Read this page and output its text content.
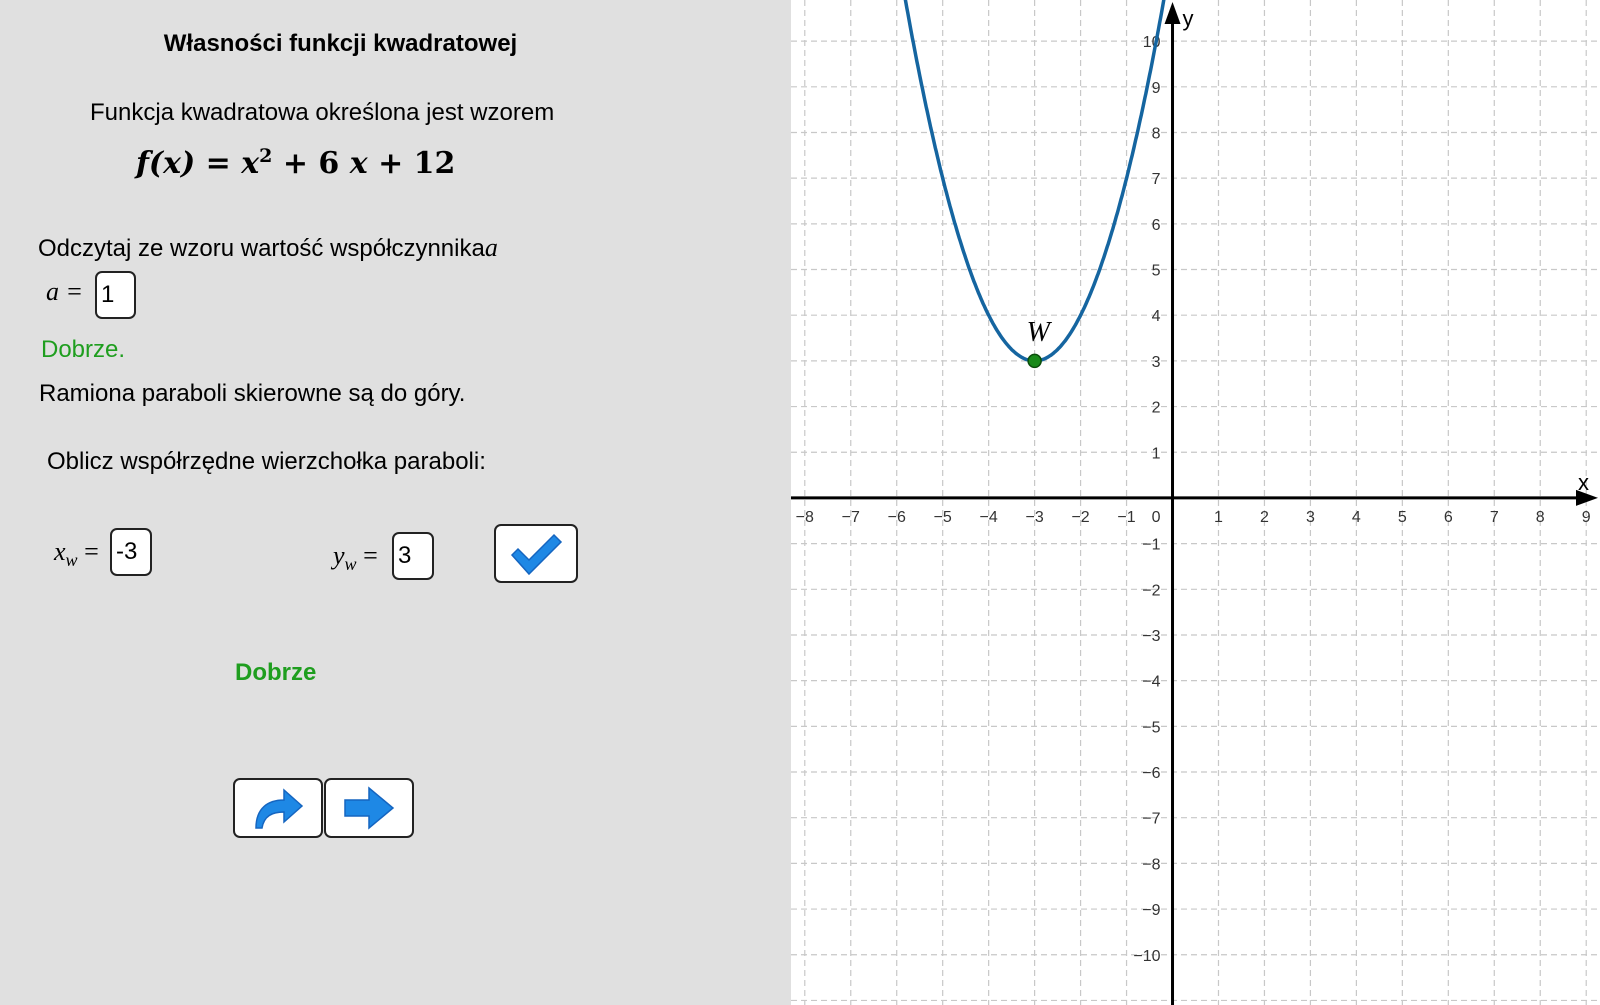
Własności funkcji kwadratowej
Funkcja kwadratowa określona jest wzorem
$f(x) = x^2 + 6$ x + 12
Odczytaj ze wzoru wartość współczynnikaa
a = 1
Dobrze.
Ramiona paraboli skierowne są do góry.
Oblicz współrzędne wierzchołka paraboli:
$x_w = -3$	$y_w = 3$
Dobrze
x
y
−8 −7 −6 −5 −4 −3 −2 −1	1 2 3 4 5 6 7 8 9
−10
−9
−8
−7
−6
−5
−4
−3
−2
−1
1
2
3
4
5
6
7
8
9
10
0
W
